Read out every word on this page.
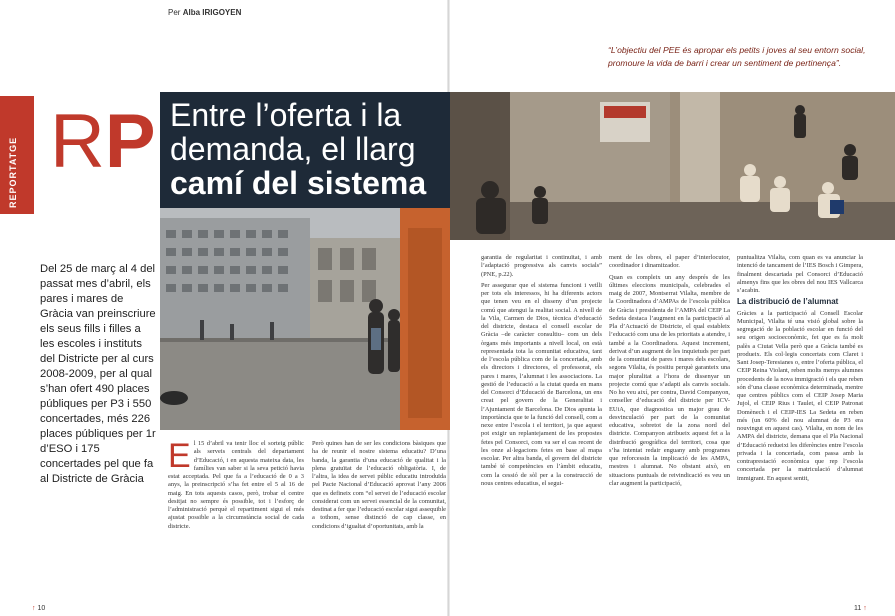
Per Alba IRIGOYEN
“L’objectiu del PEE és apropar els petits i joves al seu entorn social, promoure la vida de barri i crear un sentiment de pertinença”.
REPORTATGE RP Entre l’oferta i la
demanda, el llarg
camí del sistema
Del 25 de març al 4 del passat mes d’abril, els pares i mares de Gràcia van preinscriure els seus fills i filles a les escoles i instituts del Districte per al curs 2008-2009, per al qual s’han ofert 490 places públiques per P3 i 550 concertades, més 226 places públiques per 1r d’ESO i 175 concertades pel que fa al Districte de Gràcia
E l 15 d’abril va tenir lloc el sorteig públic als serveis centrals del departament d’Educació, i en aquesta mateixa data, les famílies van saber si la seva petició havia estat acceptada. Pel que fa a l’educació de 0 a 3 anys, la preinscripció s’ha fet entre el 5 al 16 de maig. En tots aquests casos, però, trobar el centre desitjat no sempre és possible, tot i l’esforç de l’administració perquè el repartiment sigui el més ajustat possible a la circumstància social de cada districte.

Però quines han de ser les condicions bàsiques que ha de reunir el nostre sistema educatiu? D’una banda, la garantia d’una educació de qualitat i la plena gratuïtat de l’educació obligatòria. I, de l’altra, la idea de servei públic educatiu introduïda pel Pacte Nacional d’Educació aprovat l’any 2006 que es defineix com “el servei de l’educació escolar considerat com un servei essencial de la comunitat, destinat a fer que l’educació escolar sigui assequible a tothom, sense distinció de cap classe, en condicions d’igualtat d’oportunitats, amb la

garantia de regularitat i continuïtat, i amb l’adaptació progressiva als canvis socials” (PNE, p.22).

Per assegurar que el sistema funcioni i vetlli per tots els interessos, hi ha diferents actors que tenen veu en el disseny d’un projecte comú que atengui la realitat social. A nivell de la Vila, Carmen de Dios, tècnica d’educació del districte, destaca el consell escolar de Gràcia –de caràcter consultiu– com un dels òrgans més importants a nivell local, on està representada tota la comunitat educativa, tant de l’escola pública com de la concertada, amb els directors i directores, el professorat, els pares i mares, l’alumnat i les associacions. La gestió de l’educació a la ciutat queda en mans del Consorci d’Educació de Barcelona, un ens creat pel govern de la Generalitat i l’Ajuntament de Barcelona. De Dios apunta la importància que te la funció del consell, com a nexe entre l’escola i el territori, ja que aquest pot exigir un replantejament de les propostes fetes pel Consorci, com va ser el cas recent de les onze al·legacions fetes en base al mapa escolar. Per altra banda, el govern del districte també té competències en l’àmbit educatiu, com la cessió de sòl per a la construcció de nous centres educatius, el segui-

ment de les obres, el paper d’interlocutor, coordinador i dinamitzador.

Quan es compleix un any després de les últimes eleccions municipals, celebrades el maig de 2007, Montserrat Vilalta, membre de la Coordinadora d’AMPAs de l’escola pública de Gràcia i presidenta de l’AMPA del CEIP La Sedeta destaca l’augment en la participació al Pla d’Actuació de Districte, el qual estableix l’educació com una de les prioritats a atendre, i també a la Coordinadora. Aquest increment, derivat d’un augment de les inquietuds per part de la comunitat de pares i mares dels escolars, segons Vilalta, és positiu perquè garanteix una major pluralitat a l’hora de dissenyar un projecte comú que s’adapti als canvis socials. No ho veu així, per contra, David Companyon, conseller d’educació del districte per ICV-EUiA, que diagnostica un major grau de desvinculació per part de la comunitat educativa, sobretot de la zona nord del districte. Companyon atribueix aquest fet a la distribució geogràfica del territori, cosa que s’ha intentat redair enguany amb programes que reforcessin la implicació de les AMPA, mestres i alumnat. No obstant això, en situacions puntuals de reivindicació es veu un clar augment la participació,

puntualitza Vilalta, com quan es va anunciar la intenció de tancament de l’IES Bosch i Gimpera, finalment descartada pel Consorci d’Educació almenys fins que les obres del nou IES Vallcarca s’acabin.

La distribució de l’alumnat

Gràcies a la participació al Consell Escolar Municipal, Vilalta té una visió global sobre la segregació de la població escolar en funció del seu origen socioeconòmic, fet que es fa molt palès a Ciutat Vella però que a Gràcia també es produeix. Els col·legis concertats com Claret i Sant Josep-Teresianes o, entre l’oferta pública, el CEIP Reina Violant, reben molts menys alumnes procedents de la nova immigració i els que reben són d’una classe econòmica determinada, mentre que centres públics com el CEIP Josep Maria Jujol, el CEIP Rius i Taulet, el CEIP Patronat Domènech i el CEIP-IES La Sedeta en reben més (un 60% del nou alumnat de P3 era nouvingut en aquest cas). Vilalta, en nom de les AMPA del districte, demana que el Pla Nacional d’Educació redueixi les diferències entre l’escola privada i la concertada, com passa amb la contraprestació econòmica que rep l’escola concertada per la matriculació d’alumnat immigrant. En aquest sentit,

↑ 10	11 ↑
